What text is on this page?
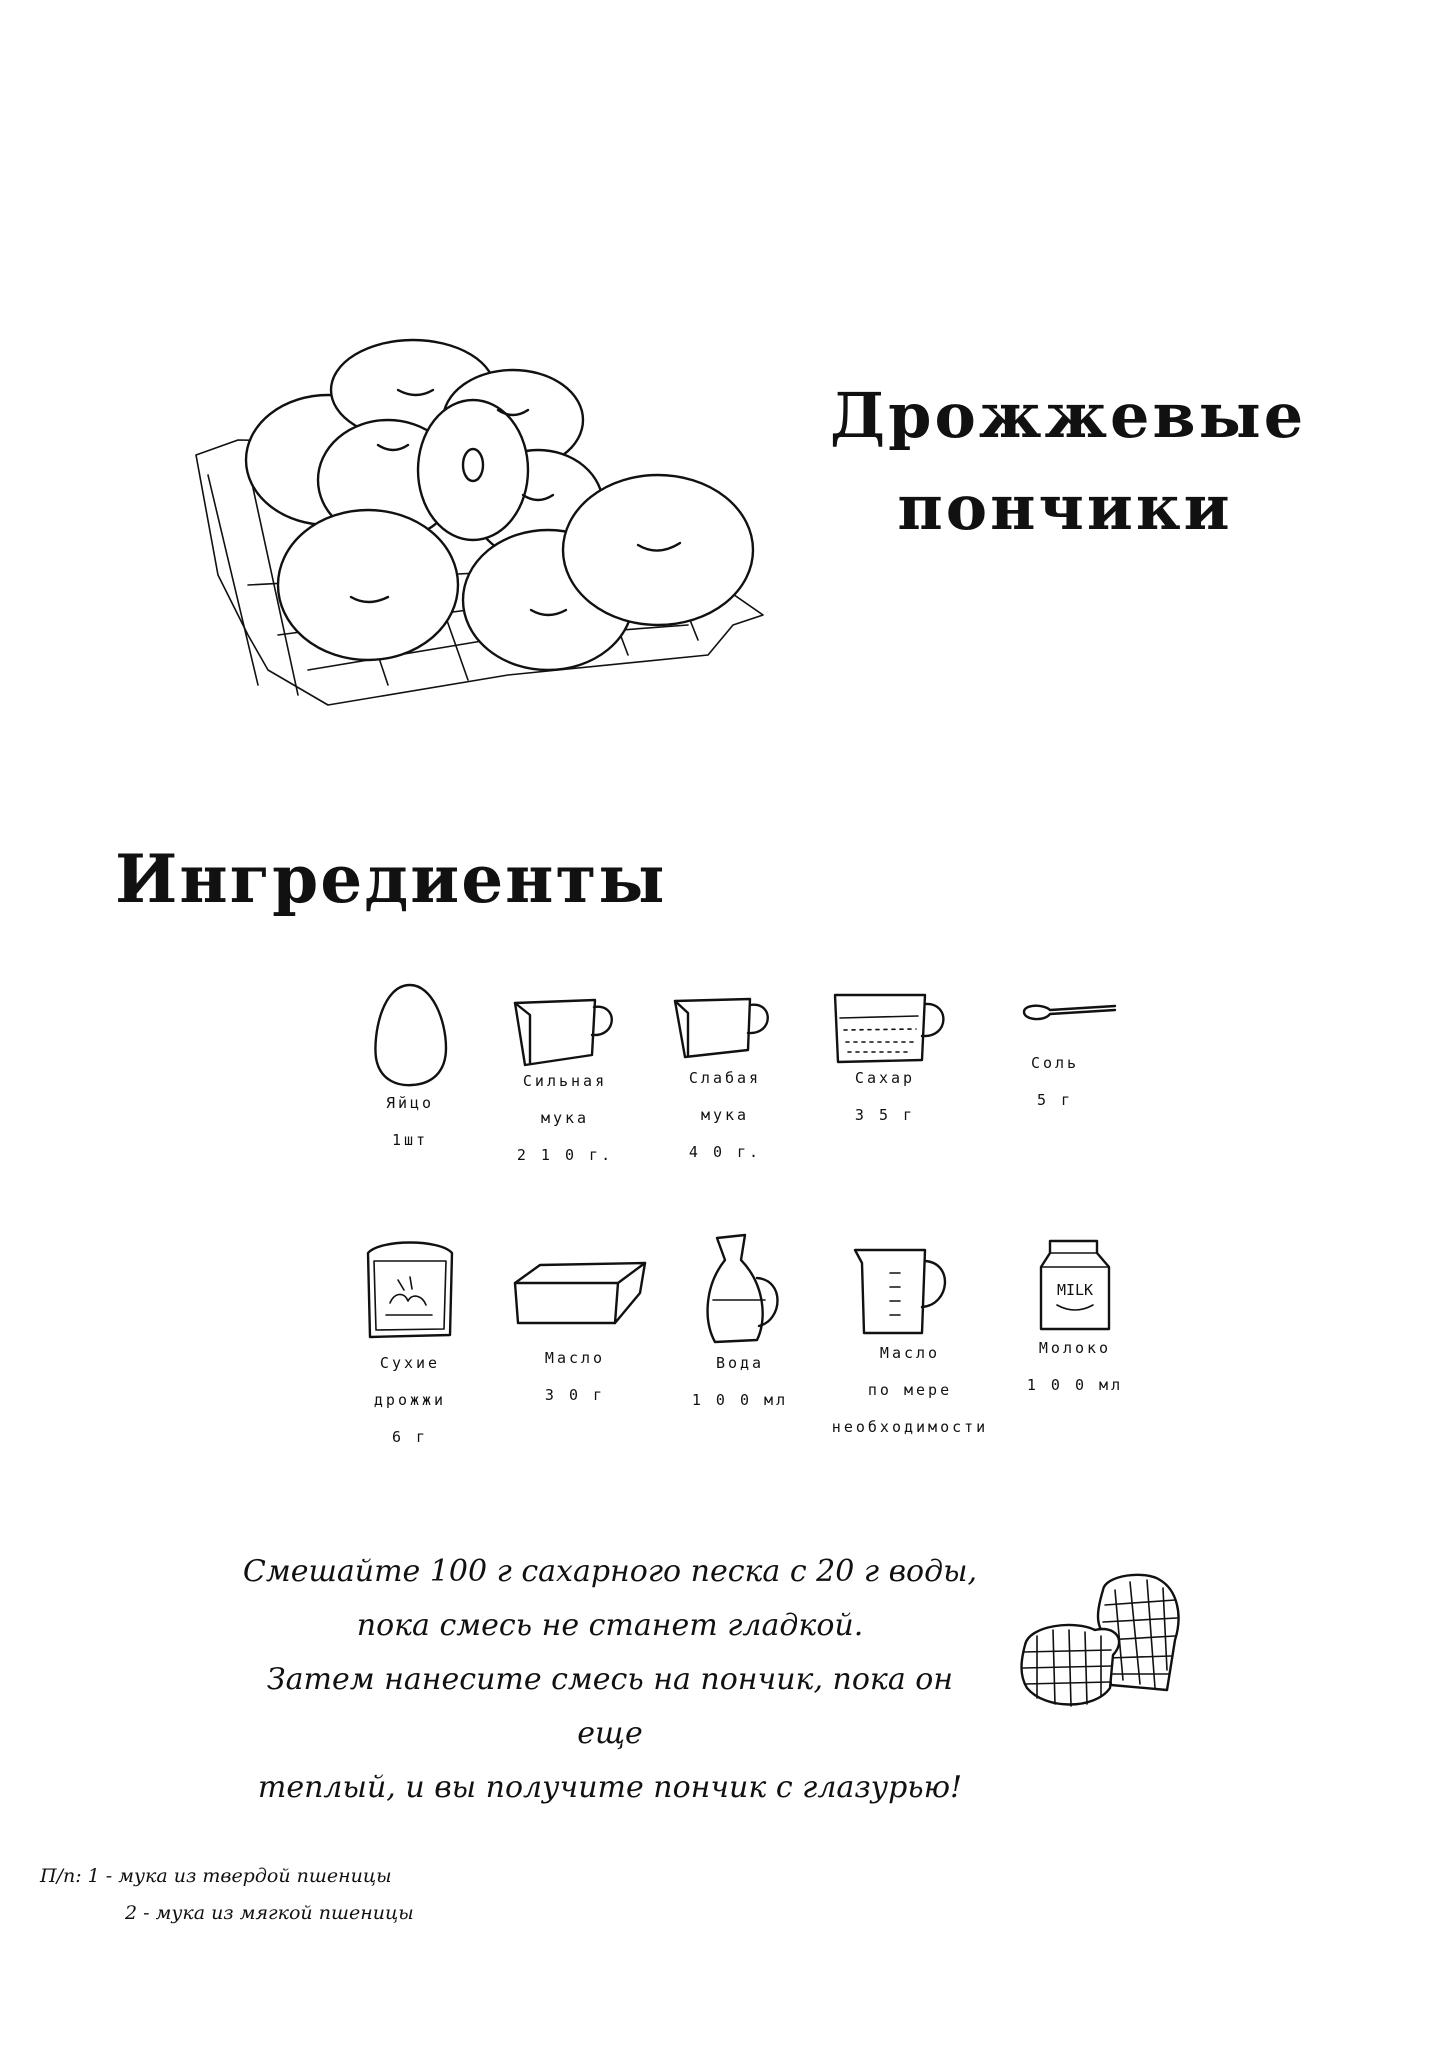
Дрожжевые
пончики
Ингредиенты
Яйцо
1шт
Сильная
мука
2 1 0 г.
Слабая
мука
4 0 г.
Сахар
3 5 г
Соль
5 г
Сухие
дрожжи
6 г
Масло
3 0 г
Вода
1 0 0 мл
Масло
по мере
необходимости
MILK
Молоко
1 0 0 мл
Смешайте 100 г сахарного песка с 20 г воды,
пока смесь не станет гладкой.
Затем нанесите смесь на пончик, пока он еще
теплый, и вы получите пончик с глазурью!
П/п: 1 - мука из твердой пшеницы
2 - мука из мягкой пшеницы
